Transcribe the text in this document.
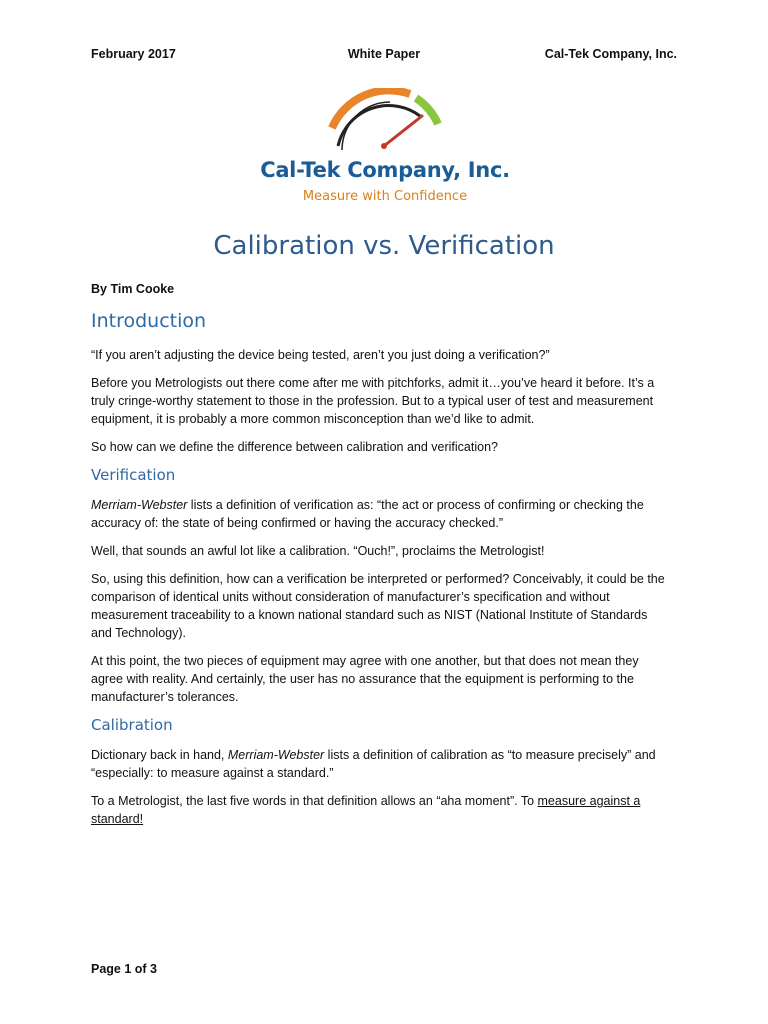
February 2017	White Paper	Cal-Tek Company, Inc.

Cal-Tek Company, Inc.

Measure with Confidence

Calibration vs. Verification

By Tim Cooke

Introduction

“If you aren’t adjusting the device being tested, aren’t you just doing a verification?”

Before you Metrologists out there come after me with pitchforks, admit it…you’ve heard it before. It’s a truly cringe-worthy statement to those in the profession. But to a typical user of test and measurement equipment, it is probably a more common misconception than we’d like to admit.

So how can we define the difference between calibration and verification?

Verification

Merriam-Webster lists a definition of verification as: “the act or process of confirming or checking the accuracy of: the state of being confirmed or having the accuracy checked.”

Well, that sounds an awful lot like a calibration. “Ouch!”, proclaims the Metrologist!

So, using this definition, how can a verification be interpreted or performed? Conceivably, it could be the comparison of identical units without consideration of manufacturer’s specification and without measurement traceability to a known national standard such as NIST (National Institute of Standards and Technology).

At this point, the two pieces of equipment may agree with one another, but that does not mean they agree with reality. And certainly, the user has no assurance that the equipment is performing to the manufacturer’s tolerances.

Calibration

Dictionary back in hand, Merriam-Webster lists a definition of calibration as “to measure precisely” and “especially: to measure against a standard.”

To a Metrologist, the last five words in that definition allows an “aha moment”. To measure against a standard!

Page 1 of 3
